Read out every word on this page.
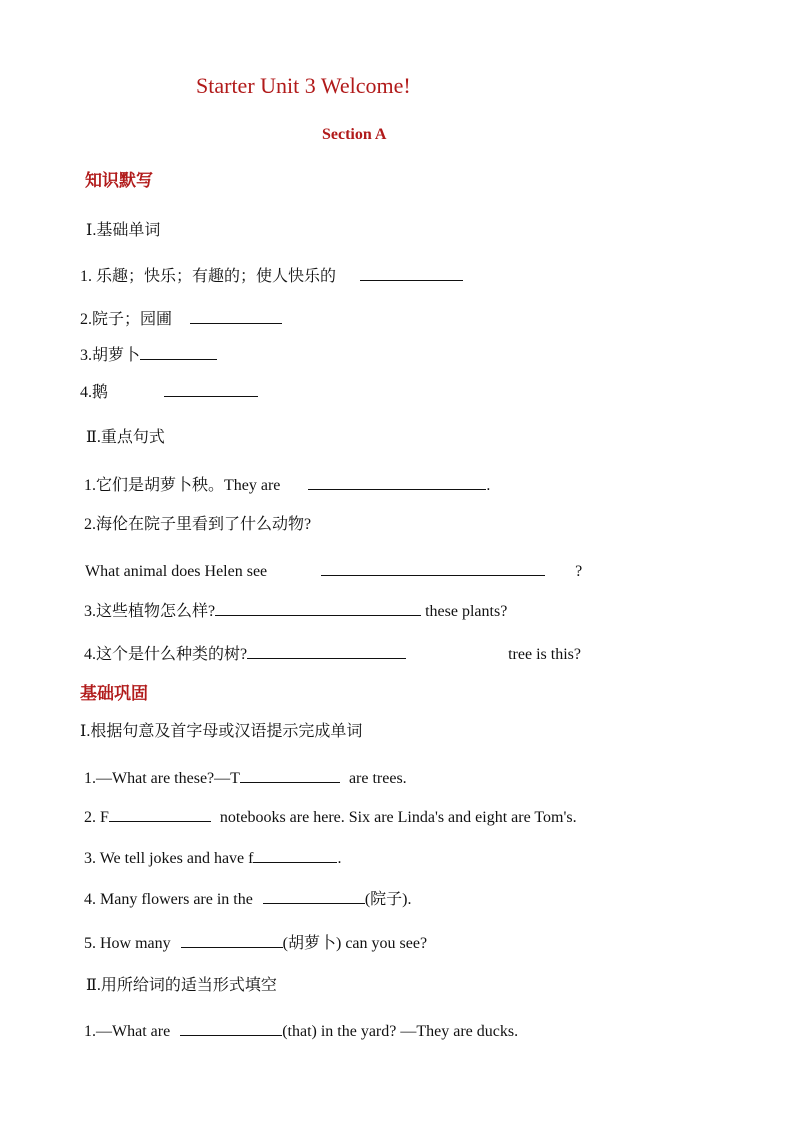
Starter Unit 3 Welcome!
Section A
知识默写
Ⅰ.基础单词
1. 乐趣；快乐；有趣的；使人快乐的
2.院子；园圃
3.胡萝卜
4.鹅
Ⅱ.重点句式
1.它们是胡萝卜秧。They are	.
2.海伦在院子里看到了什么动物?
What animal does Helen see	?
3.这些植物怎么样?	these plants?
4.这个是什么种类的树?	tree is this?
基础巩固
Ⅰ.根据句意及首字母或汉语提示完成单词
1.—What are these?—T	are trees.
2. F	notebooks are here. Six are Linda's and eight are Tom's.
3. We tell jokes and have f	.
4. Many flowers are in the	(院子).
5. How many	(胡萝卜) can you see?
Ⅱ.用所给词的适当形式填空
1.—What are	(that) in the yard? —They are ducks.
